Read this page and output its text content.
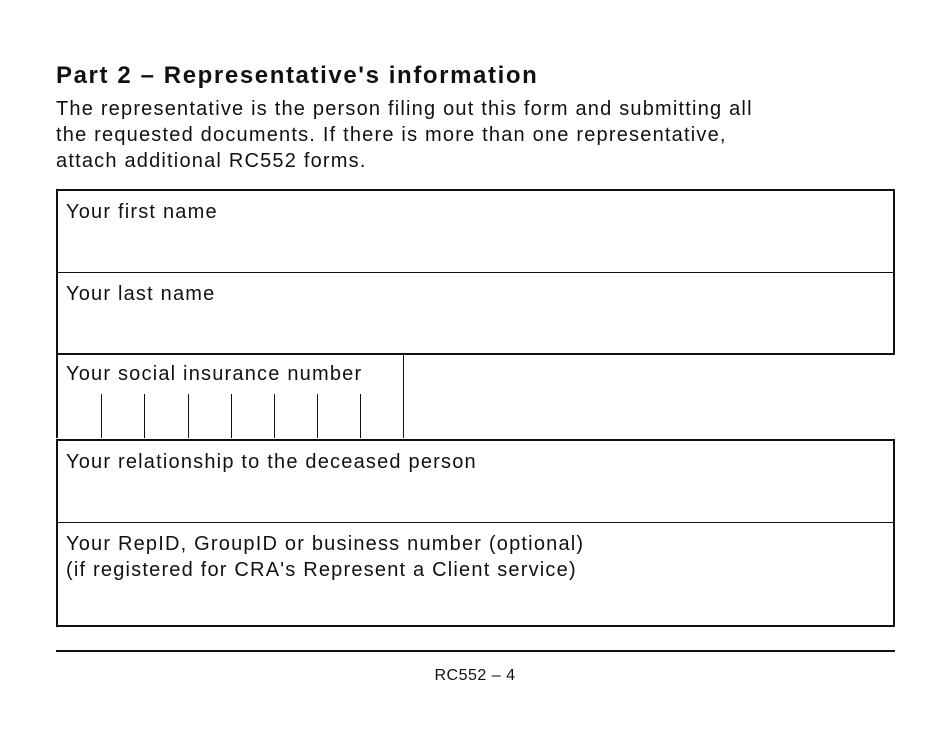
Part 2 – Representative's information
The representative is the person filing out this form and submitting all
the requested documents. If there is more than one representative,
attach additional RC552 forms.
Your first name
Your last name
Your social insurance number
Your relationship to the deceased person
Your RepID, GroupID or business number (optional)
(if registered for CRA's Represent a Client service)
RC552 – 4
